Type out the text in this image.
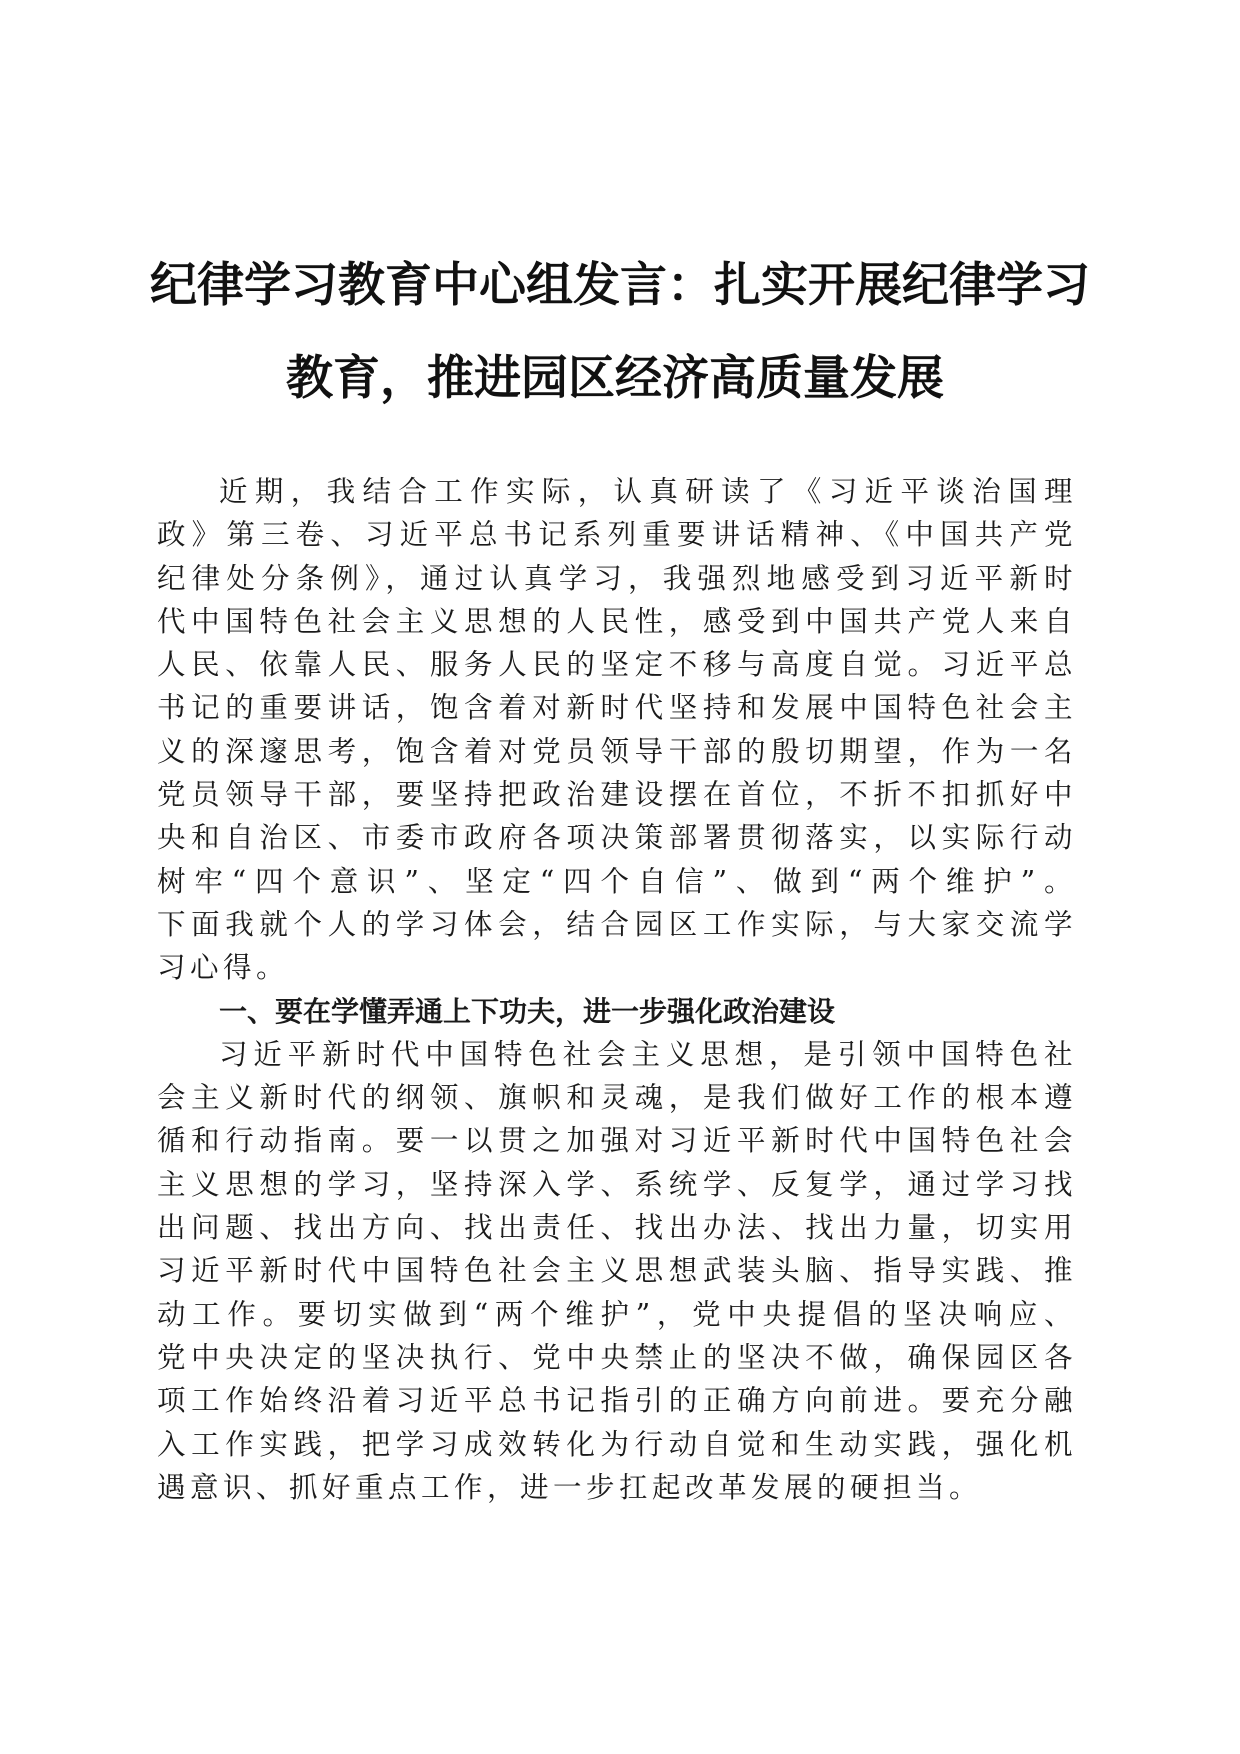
纪律学习教育中心组发言：扎实开展纪律学习
教育，推进园区经济高质量发展
近期，我结合工作实际，认真研读了《习近平谈治国理
政》第三卷、习近平总书记系列重要讲话精神、《中国共产党
纪律处分条例》，通过认真学习，我强烈地感受到习近平新时
代中国特色社会主义思想的人民性，感受到中国共产党人来自
人民、依靠人民、服务人民的坚定不移与高度自觉。习近平总
书记的重要讲话，饱含着对新时代坚持和发展中国特色社会主
义的深邃思考，饱含着对党员领导干部的殷切期望，作为一名
党员领导干部，要坚持把政治建设摆在首位，不折不扣抓好中
央和自治区、市委市政府各项决策部署贯彻落实，以实际行动
树牢“四个意识”、坚定“四个自信”、做到“两个维护”。
下面我就个人的学习体会，结合园区工作实际，与大家交流学
习心得。
一、要在学懂弄通上下功夫，进一步强化政治建设
习近平新时代中国特色社会主义思想，是引领中国特色社
会主义新时代的纲领、旗帜和灵魂，是我们做好工作的根本遵
循和行动指南。要一以贯之加强对习近平新时代中国特色社会
主义思想的学习，坚持深入学、系统学、反复学，通过学习找
出问题、找出方向、找出责任、找出办法、找出力量，切实用
习近平新时代中国特色社会主义思想武装头脑、指导实践、推
动工作。要切实做到“两个维护”，党中央提倡的坚决响应、
党中央决定的坚决执行、党中央禁止的坚决不做，确保园区各
项工作始终沿着习近平总书记指引的正确方向前进。要充分融
入工作实践，把学习成效转化为行动自觉和生动实践，强化机
遇意识、抓好重点工作，进一步扛起改革发展的硬担当。
